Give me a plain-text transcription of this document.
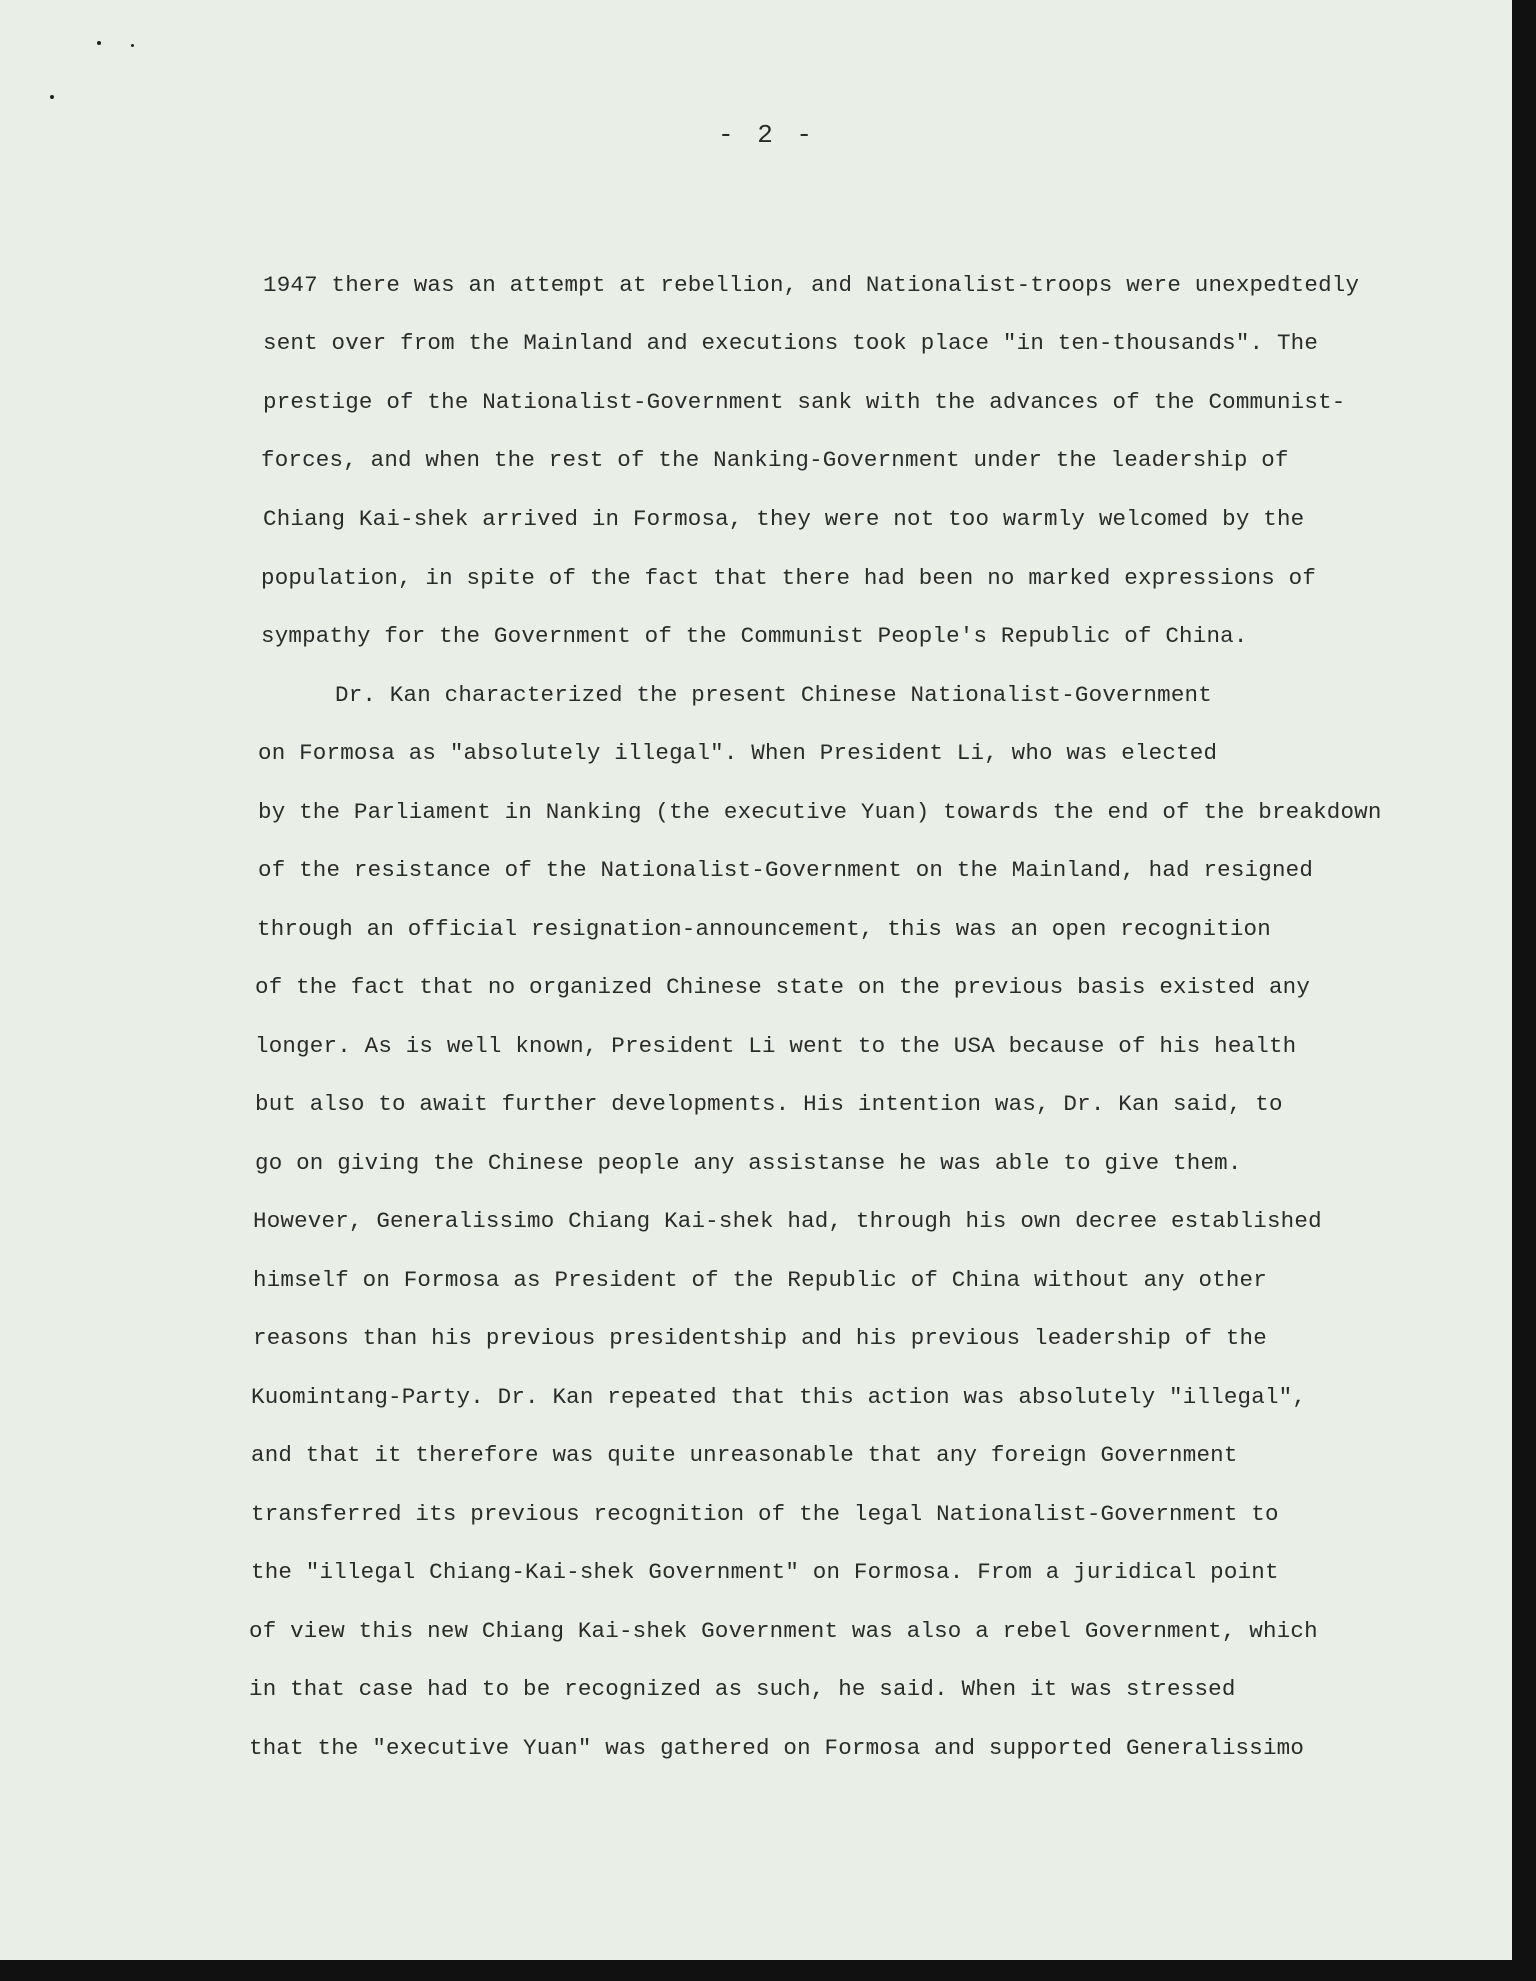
- 2 -
1947 there was an attempt at rebellion, and Nationalist-troops were unexpedtedly
sent over from the Mainland and executions took place "in ten-thousands". The
prestige of the Nationalist-Government sank with the advances of the Communist-
forces, and when the rest of the Nanking-Government under the leadership of
Chiang Kai-shek arrived in Formosa, they were not too warmly welcomed by the
population, in spite of the fact that there had been no marked expressions of
sympathy for the Government of the Communist People's Republic of China.
Dr. Kan characterized the present Chinese Nationalist-Government
on Formosa as "absolutely illegal". When President Li, who was elected
by the Parliament in Nanking (the executive Yuan) towards the end of the breakdown
of the resistance of the Nationalist-Government on the Mainland, had resigned
through an official resignation-announcement, this was an open recognition
of the fact that no organized Chinese state on the previous basis existed any
longer. As is well known, President Li went to the USA because of his health
but also to await further developments. His intention was, Dr. Kan said, to
go on giving the Chinese people any assistanse he was able to give them.
However, Generalissimo Chiang Kai-shek had, through his own decree established
himself on Formosa as President of the Republic of China without any other
reasons than his previous presidentship and his previous leadership of the
Kuomintang-Party. Dr. Kan repeated that this action was absolutely "illegal",
and that it therefore was quite unreasonable that any foreign Government
transferred its previous recognition of the legal Nationalist-Government to
the "illegal Chiang-Kai-shek Government" on Formosa. From a juridical point
of view this new Chiang Kai-shek Government was also a rebel Government, which
in that case had to be recognized as such, he said. When it was stressed
that the "executive Yuan" was gathered on Formosa and supported Generalissimo
